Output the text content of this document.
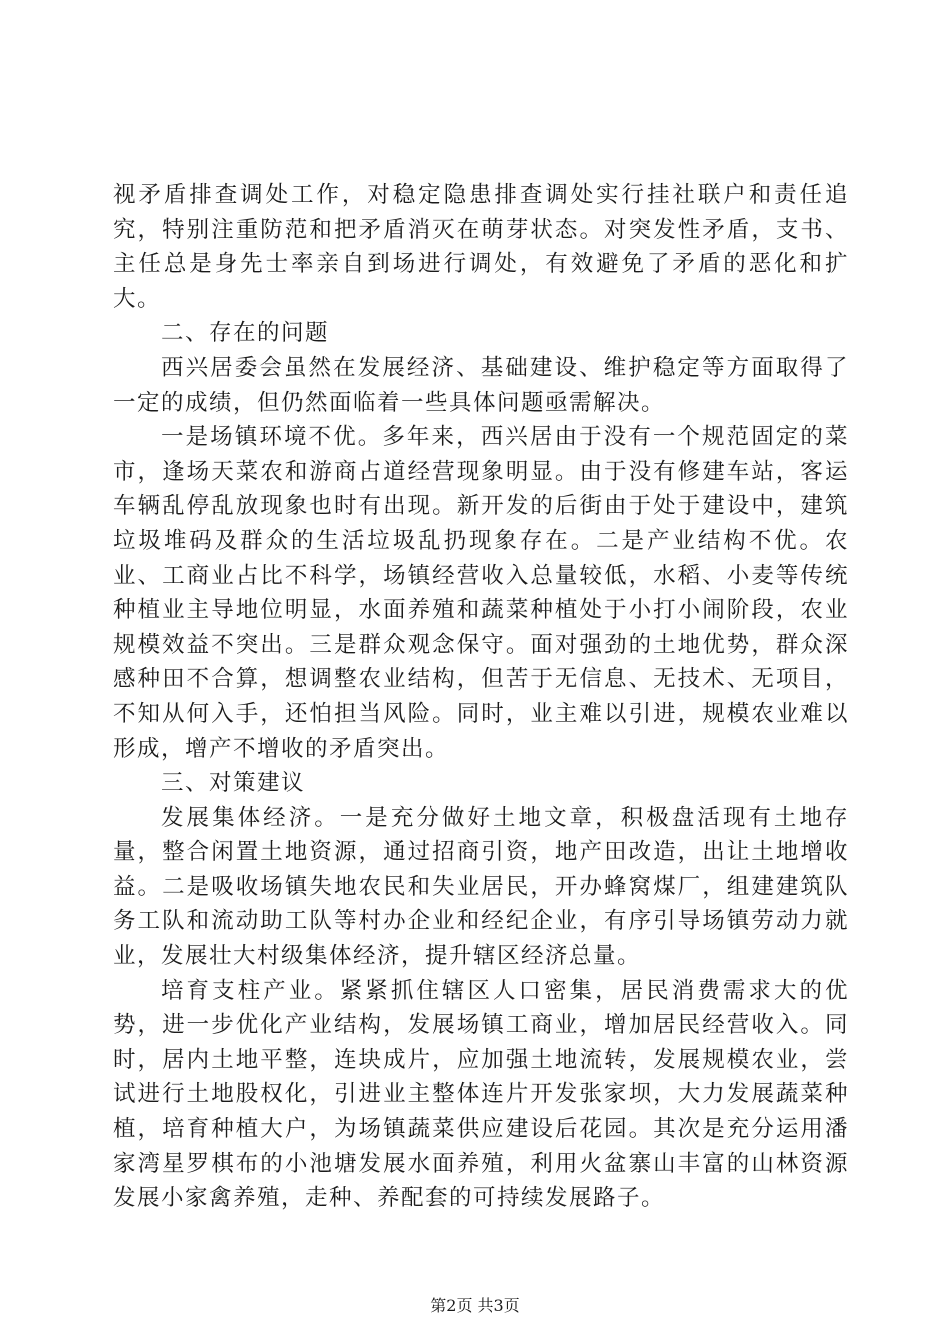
视矛盾排查调处工作，对稳定隐患排查调处实行挂社联户和责任追究，特别注重防范和把矛盾消灭在萌芽状态。对突发性矛盾，支书、主任总是身先士率亲自到场进行调处，有效避免了矛盾的恶化和扩大。

二、存在的问题

西兴居委会虽然在发展经济、基础建设、维护稳定等方面取得了一定的成绩，但仍然面临着一些具体问题亟需解决。

一是场镇环境不优。多年来，西兴居由于没有一个规范固定的菜市，逢场天菜农和游商占道经营现象明显。由于没有修建车站，客运车辆乱停乱放现象也时有出现。新开发的后街由于处于建设中，建筑垃圾堆码及群众的生活垃圾乱扔现象存在。二是产业结构不优。农业、工商业占比不科学，场镇经营收入总量较低，水稻、小麦等传统种植业主导地位明显，水面养殖和蔬菜种植处于小打小闹阶段，农业规模效益不突出。三是群众观念保守。面对强劲的土地优势，群众深感种田不合算，想调整农业结构，但苦于无信息、无技术、无项目，不知从何入手，还怕担当风险。同时，业主难以引进，规模农业难以形成，增产不增收的矛盾突出。

三、对策建议

发展集体经济。一是充分做好土地文章，积极盘活现有土地存量，整合闲置土地资源，通过招商引资，地产田改造，出让土地增收益。二是吸收场镇失地农民和失业居民，开办蜂窝煤厂，组建建筑队务工队和流动助工队等村办企业和经纪企业，有序引导场镇劳动力就业，发展壮大村级集体经济，提升辖区经济总量。

培育支柱产业。紧紧抓住辖区人口密集，居民消费需求大的优势，进一步优化产业结构，发展场镇工商业，增加居民经营收入。同时，居内土地平整，连块成片，应加强土地流转，发展规模农业，尝试进行土地股权化，引进业主整体连片开发张家坝，大力发展蔬菜种植，培育种植大户，为场镇蔬菜供应建设后花园。其次是充分运用潘家湾星罗棋布的小池塘发展水面养殖，利用火盆寨山丰富的山林资源发展小家禽养殖，走种、养配套的可持续发展路子。

第2页 共3页
